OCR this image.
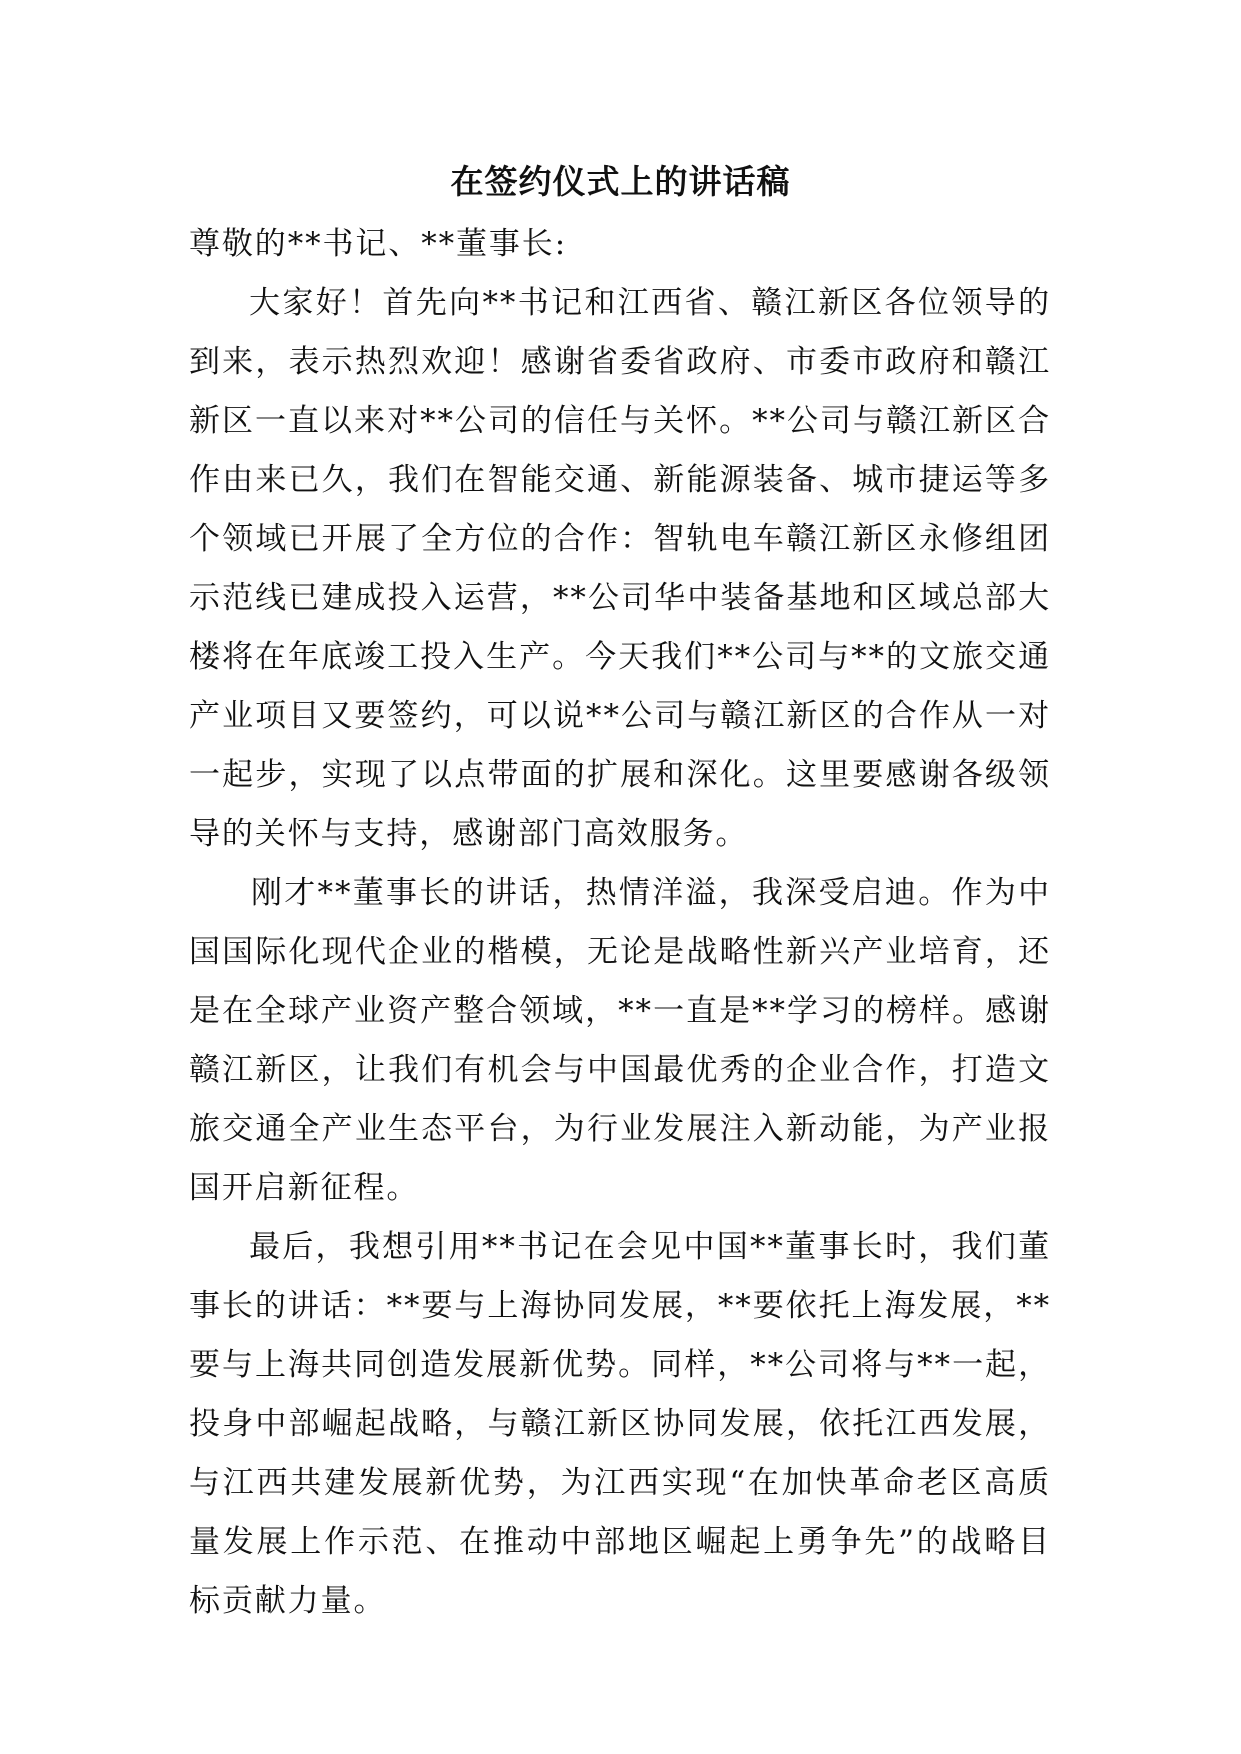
在签约仪式上的讲话稿

尊敬的**书记、**董事长:

大家好！首先向**书记和江西省、赣江新区各位领导的到来，表示热烈欢迎！感谢省委省政府、市委市政府和赣江新区一直以来对**公司的信任与关怀。**公司与赣江新区合作由来已久，我们在智能交通、新能源装备、城市捷运等多个领域已开展了全方位的合作：智轨电车赣江新区永修组团示范线已建成投入运营，**公司华中装备基地和区域总部大楼将在年底竣工投入生产。今天我们**公司与**的文旅交通产业项目又要签约，可以说**公司与赣江新区的合作从一对一起步，实现了以点带面的扩展和深化。这里要感谢各级领导的关怀与支持，感谢部门高效服务。

刚才**董事长的讲话，热情洋溢，我深受启迪。作为中国国际化现代企业的楷模，无论是战略性新兴产业培育，还是在全球产业资产整合领域，**一直是**学习的榜样。感谢赣江新区，让我们有机会与中国最优秀的企业合作，打造文旅交通全产业生态平台，为行业发展注入新动能，为产业报国开启新征程。

最后，我想引用**书记在会见中国**董事长时，我们董事长的讲话：**要与上海协同发展，**要依托上海发展，**要与上海共同创造发展新优势。同样，**公司将与**一起，投身中部崛起战略，与赣江新区协同发展，依托江西发展，与江西共建发展新优势，为江西实现“在加快革命老区高质量发展上作示范、在推动中部地区崛起上勇争先”的战略目标贡献力量。
